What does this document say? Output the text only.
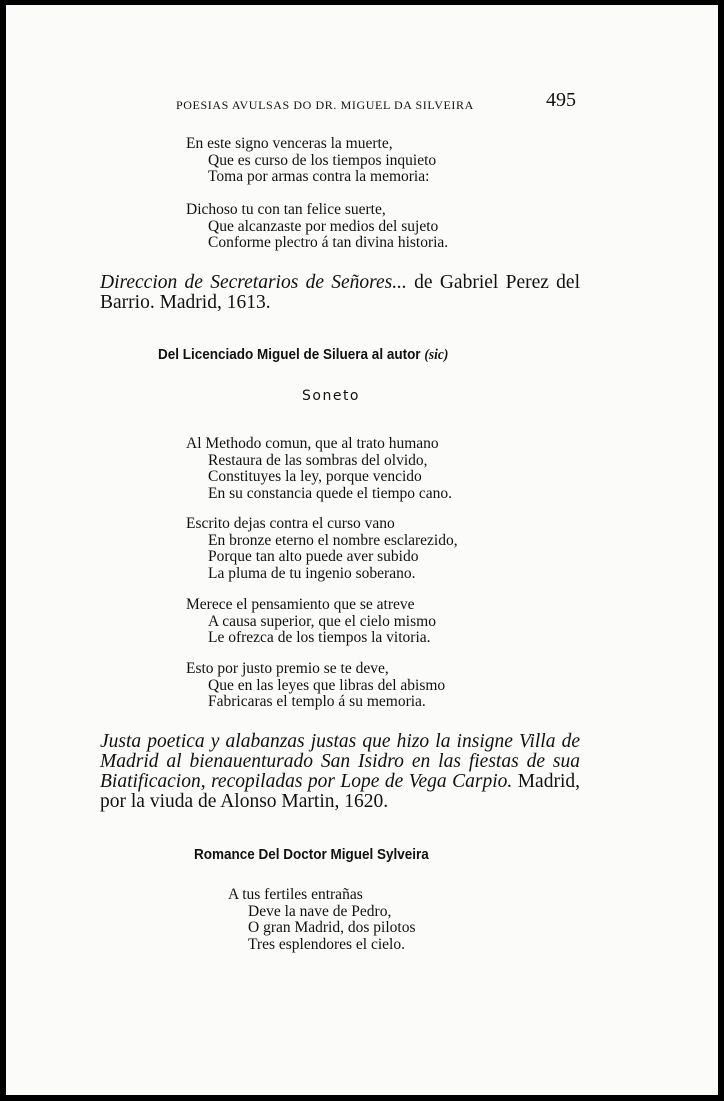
POESIAS AVULSAS DO DR. MIGUEL DA SILVEIRA	495
En este signo venceras la muerte,
Que es curso de los tiempos inquieto
Toma por armas contra la memoria:
Dichoso tu con tan felice suerte,
Que alcanzaste por medios del sujeto
Conforme plectro á tan divina historia.
Direccion de Secretarios de Señores... de Gabriel Perez del Barrio. Madrid, 1613.
Del Licenciado Miguel de Siluera al autor (sic)
Soneto
Al Methodo comun, que al trato humano
Restaura de las sombras del olvido,
Constituyes la ley, porque vencido
En su constancia quede el tiempo cano.
Escrito dejas contra el curso vano
En bronze eterno el nombre esclarezido,
Porque tan alto puede aver subido
La pluma de tu ingenio soberano.
Merece el pensamiento que se atreve
A causa superior, que el cielo mismo
Le ofrezca de los tiempos la vitoria.
Esto por justo premio se te deve,
Que en las leyes que libras del abismo
Fabricaras el templo á su memoria.
Justa poetica y alabanzas justas que hizo la insigne Villa de Madrid al bienauenturado San Isidro en las fiestas de sua Biatificacion, recopiladas por Lope de Vega Carpio. Madrid, por la viuda de Alonso Martin, 1620.
Romance Del Doctor Miguel Sylveira
A tus fertiles entrañas
Deve la nave de Pedro,
O gran Madrid, dos pilotos
Tres esplendores el cielo.
